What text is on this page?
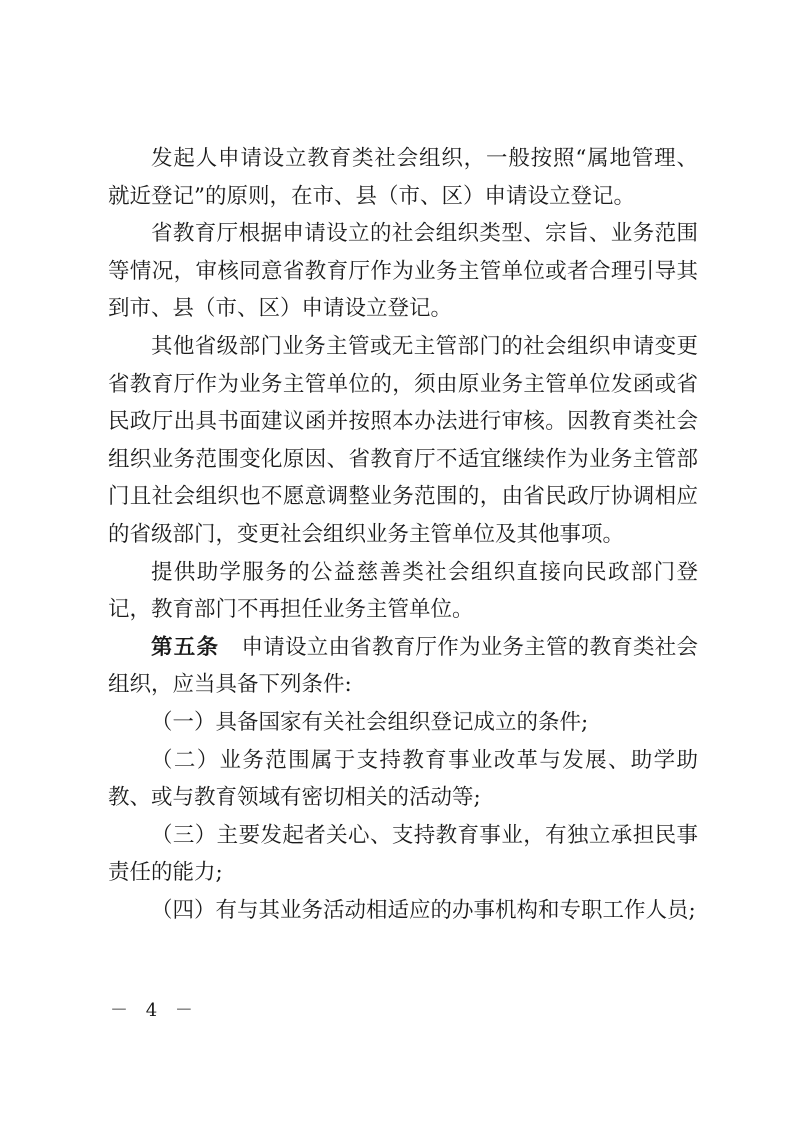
发起人申请设立教育类社会组织，一般按照“属地管理、就近登记”的原则，在市、县（市、区）申请设立登记。

省教育厅根据申请设立的社会组织类型、宗旨、业务范围等情况，审核同意省教育厅作为业务主管单位或者合理引导其到市、县（市、区）申请设立登记。

其他省级部门业务主管或无主管部门的社会组织申请变更省教育厅作为业务主管单位的，须由原业务主管单位发函或省民政厅出具书面建议函并按照本办法进行审核。因教育类社会组织业务范围变化原因、省教育厅不适宜继续作为业务主管部门且社会组织也不愿意调整业务范围的，由省民政厅协调相应的省级部门，变更社会组织业务主管单位及其他事项。

提供助学服务的公益慈善类社会组织直接向民政部门登记，教育部门不再担任业务主管单位。

第五条 申请设立由省教育厅作为业务主管的教育类社会组织，应当具备下列条件:

（一）具备国家有关社会组织登记成立的条件;

（二）业务范围属于支持教育事业改革与发展、助学助教、或与教育领域有密切相关的活动等;

（三）主要发起者关心、支持教育事业，有独立承担民事责任的能力;

（四）有与其业务活动相适应的办事机构和专职工作人员;

－ 4 －
